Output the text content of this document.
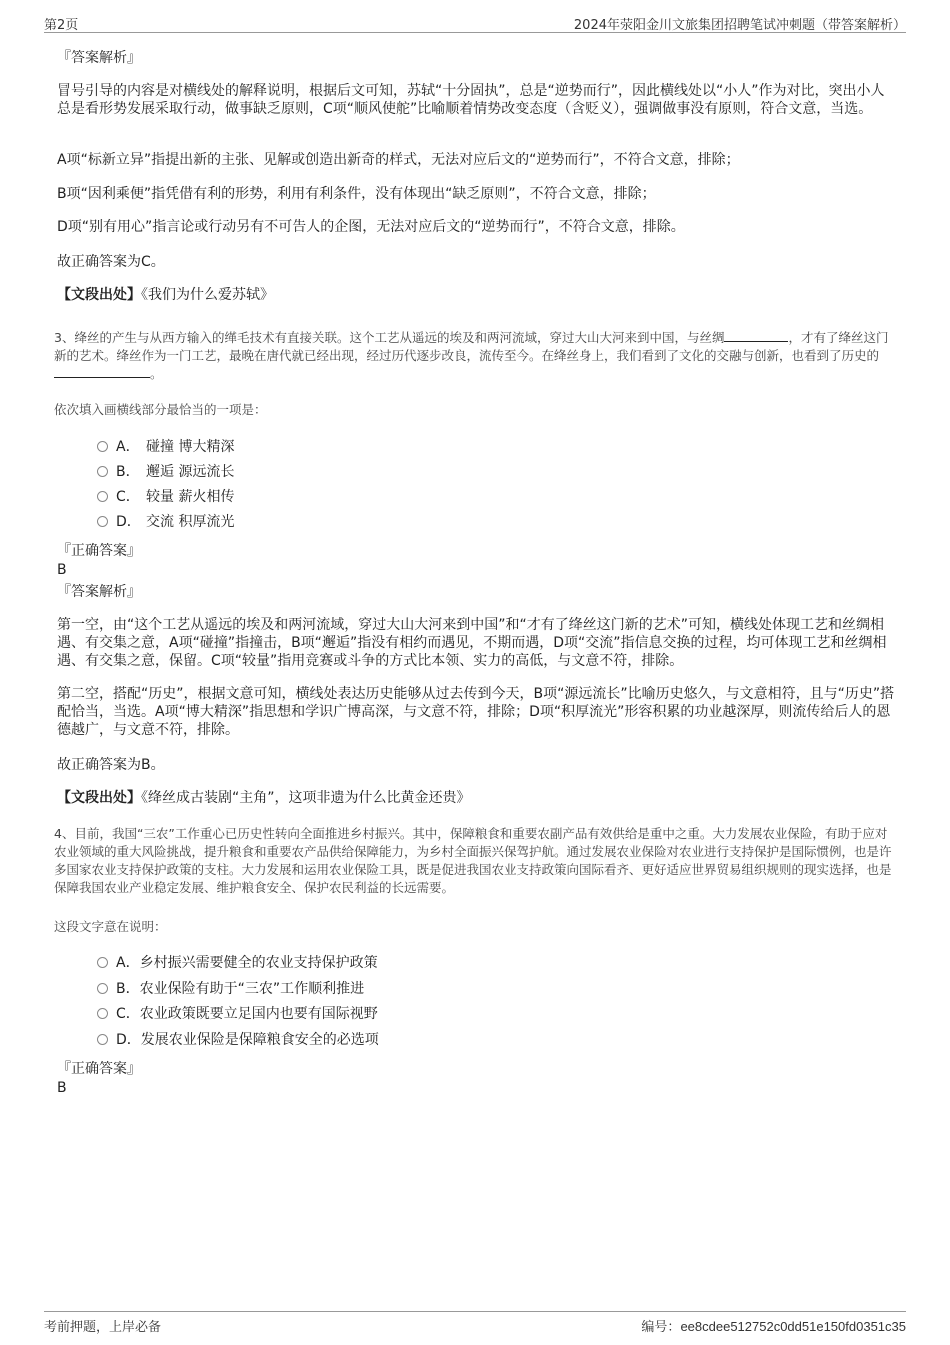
第2页	2024年荥阳金川文旅集团招聘笔试冲刺题（带答案解析）
『答案解析』
冒号引导的内容是对横线处的解释说明，根据后文可知，苏轼“十分固执”，总是“逆势而行”，因此横线处以“小人”作为对比，突出小人总是看形势发展采取行动，做事缺乏原则，C项“顺风使舵”比喻顺着情势改变态度（含贬义），强调做事没有原则，符合文意，当选。
A项“标新立异”指提出新的主张、见解或创造出新奇的样式，无法对应后文的“逆势而行”，不符合文意，排除；
B项“因利乘便”指凭借有利的形势，利用有利条件，没有体现出“缺乏原则”，不符合文意，排除；
D项“别有用心”指言论或行动另有不可告人的企图，无法对应后文的“逆势而行”，不符合文意，排除。
故正确答案为C。
【文段出处】《我们为什么爱苏轼》
3、绛丝的产生与从西方输入的缂毛技术有直接关联。这个工艺从遥远的埃及和两河流域，穿过大山大河来到中国，与丝绸	，才有了绛丝这门新的艺术。绛丝作为一门工艺，最晚在唐代就已经出现，经过历代逐步改良，流传至今。在绛丝身上，我们看到了文化的交融与创新，也看到了历史的。
依次填入画横线部分最恰当的一项是：
A． 碰撞 博大精深
B． 邂逅 源远流长
C． 较量 薪火相传
D． 交流 积厚流光
『正确答案』
B
『答案解析』
第一空，由“这个工艺从遥远的埃及和两河流域，穿过大山大河来到中国”和“才有了绛丝这门新的艺术”可知，横线处体现工艺和丝绸相遇、有交集之意，A项“碰撞”指撞击，B项“邂逅”指没有相约而遇见，不期而遇，D项“交流”指信息交换的过程，均可体现工艺和丝绸相遇、有交集之意，保留。C项“较量”指用竞赛或斗争的方式比本领、实力的高低，与文意不符，排除。
第二空，搭配“历史”，根据文意可知，横线处表达历史能够从过去传到今天，B项“源远流长”比喻历史悠久，与文意相符，且与“历史”搭配恰当，当选。A项“博大精深”指思想和学识广博高深，与文意不符，排除；D项“积厚流光”形容积累的功业越深厚，则流传给后人的恩德越广，与文意不符，排除。
故正确答案为B。
【文段出处】《绛丝成古装剧“主角”，这项非遗为什么比黄金还贵》
4、目前，我国“三农”工作重心已历史性转向全面推进乡村振兴。其中，保障粮食和重要农副产品有效供给是重中之重。大力发展农业保险，有助于应对农业领域的重大风险挑战，提升粮食和重要农产品供给保障能力，为乡村全面振兴保驾护航。通过发展农业保险对农业进行支持保护是国际惯例，也是许多国家农业支持保护政策的支柱。大力发展和运用农业保险工具，既是促进我国农业支持政策向国际看齐、更好适应世界贸易组织规则的现实选择，也是保障我国农业产业稳定发展、维护粮食安全、保护农民利益的长远需要。
这段文字意在说明：
A．乡村振兴需要健全的农业支持保护政策
B．农业保险有助于“三农”工作顺利推进
C．农业政策既要立足国内也要有国际视野
D．发展农业保险是保障粮食安全的必选项
『正确答案』
B
考前押题，上岸必备	编号：ee8cdee512752c0dd51e150fd0351c35
